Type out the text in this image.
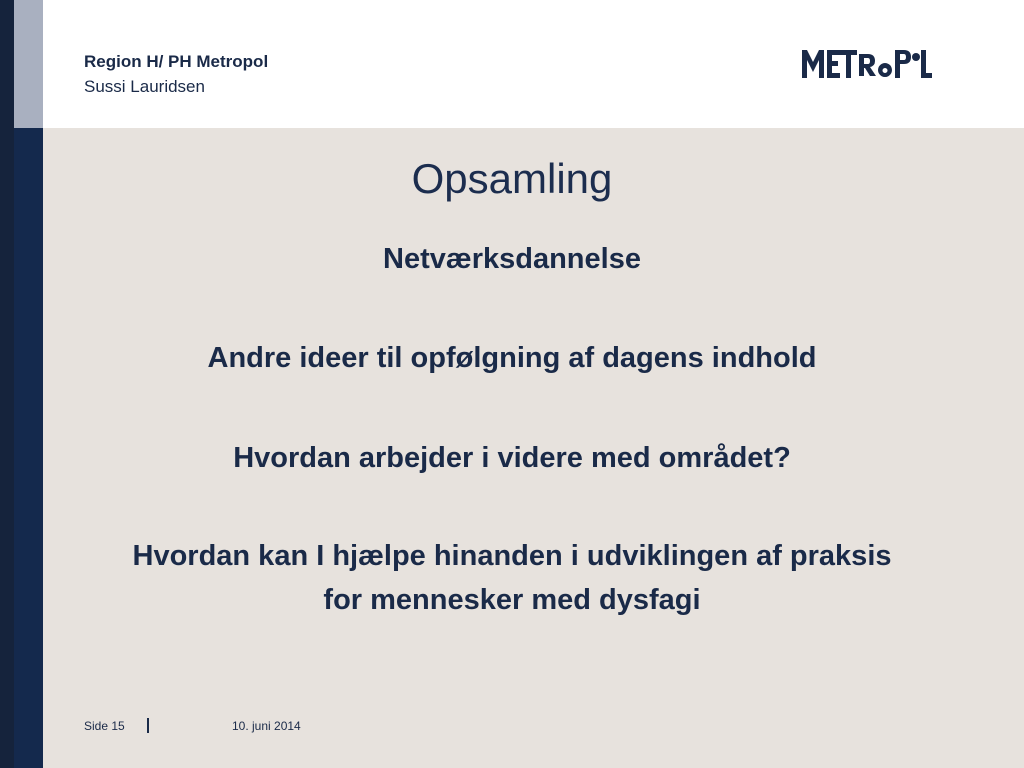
Region H/ PH Metropol
Sussi Lauridsen
Opsamling
Netværksdannelse
Andre ideer til opfølgning af dagens indhold
Hvordan arbejder i videre med området?
Hvordan kan I hjælpe hinanden i udviklingen af praksis for mennesker med dysfagi
Side 15	10. juni 2014
